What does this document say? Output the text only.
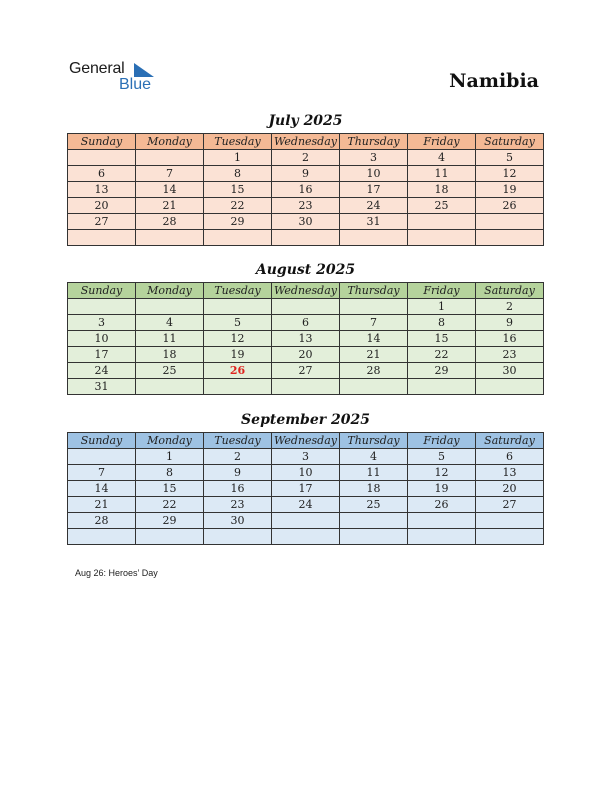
General
Blue	Namibia
July 2025
Sunday	Monday	Tuesday	Wednesday	Thursday	Friday	Saturday
		1	2	3	4	5
6	7	8	9	10	11	12
13	14	15	16	17	18	19
20	21	22	23	24	25	26
27	28	29	30	31		

August 2025
Sunday	Monday	Tuesday	Wednesday	Thursday	Friday	Saturday
					1	2
3	4	5	6	7	8	9
10	11	12	13	14	15	16
17	18	19	20	21	22	23
24	25	26	27	28	29	30
31						
September 2025
Sunday	Monday	Tuesday	Wednesday	Thursday	Friday	Saturday
	1	2	3	4	5	6
7	8	9	10	11	12	13
14	15	16	17	18	19	20
21	22	23	24	25	26	27
28	29	30				

Aug 26: Heroes’ Day
